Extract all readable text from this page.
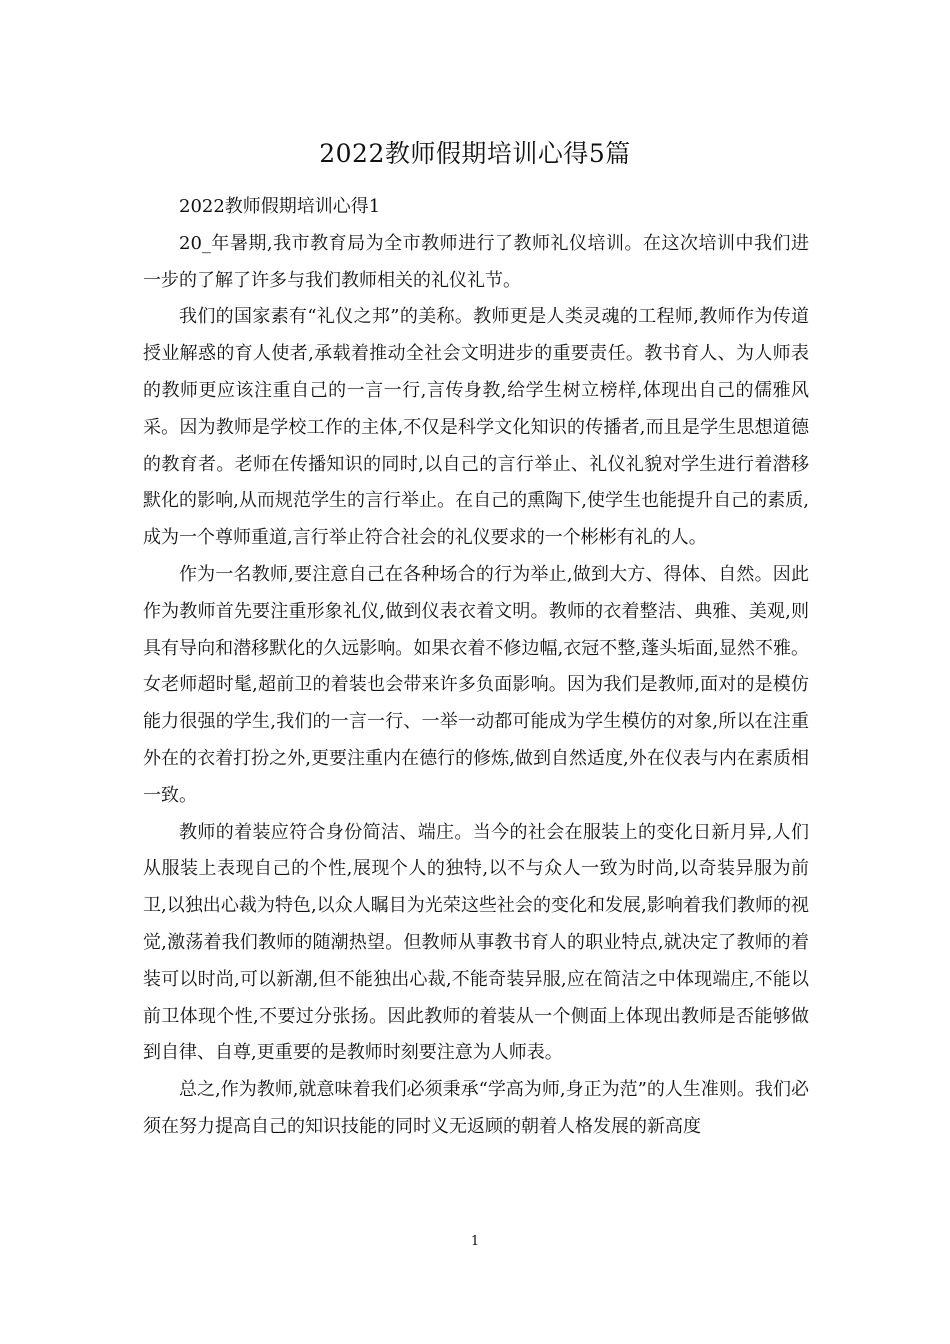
2022教师假期培训心得5篇

2022教师假期培训心得1

20_年暑期,我市教育局为全市教师进行了教师礼仪培训。在这次培训中我们进一步的了解了许多与我们教师相关的礼仪礼节。

我们的国家素有“礼仪之邦”的美称。教师更是人类灵魂的工程师,教师作为传道授业解惑的育人使者,承载着推动全社会文明进步的重要责任。教书育人、为人师表的教师更应该注重自己的一言一行,言传身教,给学生树立榜样,体现出自己的儒雅风采。因为教师是学校工作的主体,不仅是科学文化知识的传播者,而且是学生思想道德的教育者。老师在传播知识的同时,以自己的言行举止、礼仪礼貌对学生进行着潜移默化的影响,从而规范学生的言行举止。在自己的熏陶下,使学生也能提升自己的素质,成为一个尊师重道,言行举止符合社会的礼仪要求的一个彬彬有礼的人。

作为一名教师,要注意自己在各种场合的行为举止,做到大方、得体、自然。因此作为教师首先要注重形象礼仪,做到仪表衣着文明。教师的衣着整洁、典雅、美观,则具有导向和潜移默化的久远影响。如果衣着不修边幅,衣冠不整,蓬头垢面,显然不雅。女老师超时髦,超前卫的着装也会带来许多负面影响。因为我们是教师,面对的是模仿能力很强的学生,我们的一言一行、一举一动都可能成为学生模仿的对象,所以在注重外在的衣着打扮之外,更要注重内在德行的修炼,做到自然适度,外在仪表与内在素质相一致。

教师的着装应符合身份简洁、端庄。当今的社会在服装上的变化日新月异,人们从服装上表现自己的个性,展现个人的独特,以不与众人一致为时尚,以奇装异服为前卫,以独出心裁为特色,以众人瞩目为光荣这些社会的变化和发展,影响着我们教师的视觉,激荡着我们教师的随潮热望。但教师从事教书育人的职业特点,就决定了教师的着装可以时尚,可以新潮,但不能独出心裁,不能奇装异服,应在简洁之中体现端庄,不能以前卫体现个性,不要过分张扬。因此教师的着装从一个侧面上体现出教师是否能够做到自律、自尊,更重要的是教师时刻要注意为人师表。

总之,作为教师,就意味着我们必须秉承“学高为师,身正为范”的人生准则。我们必须在努力提高自己的知识技能的同时义无返顾的朝着人格发展的新高度

1
